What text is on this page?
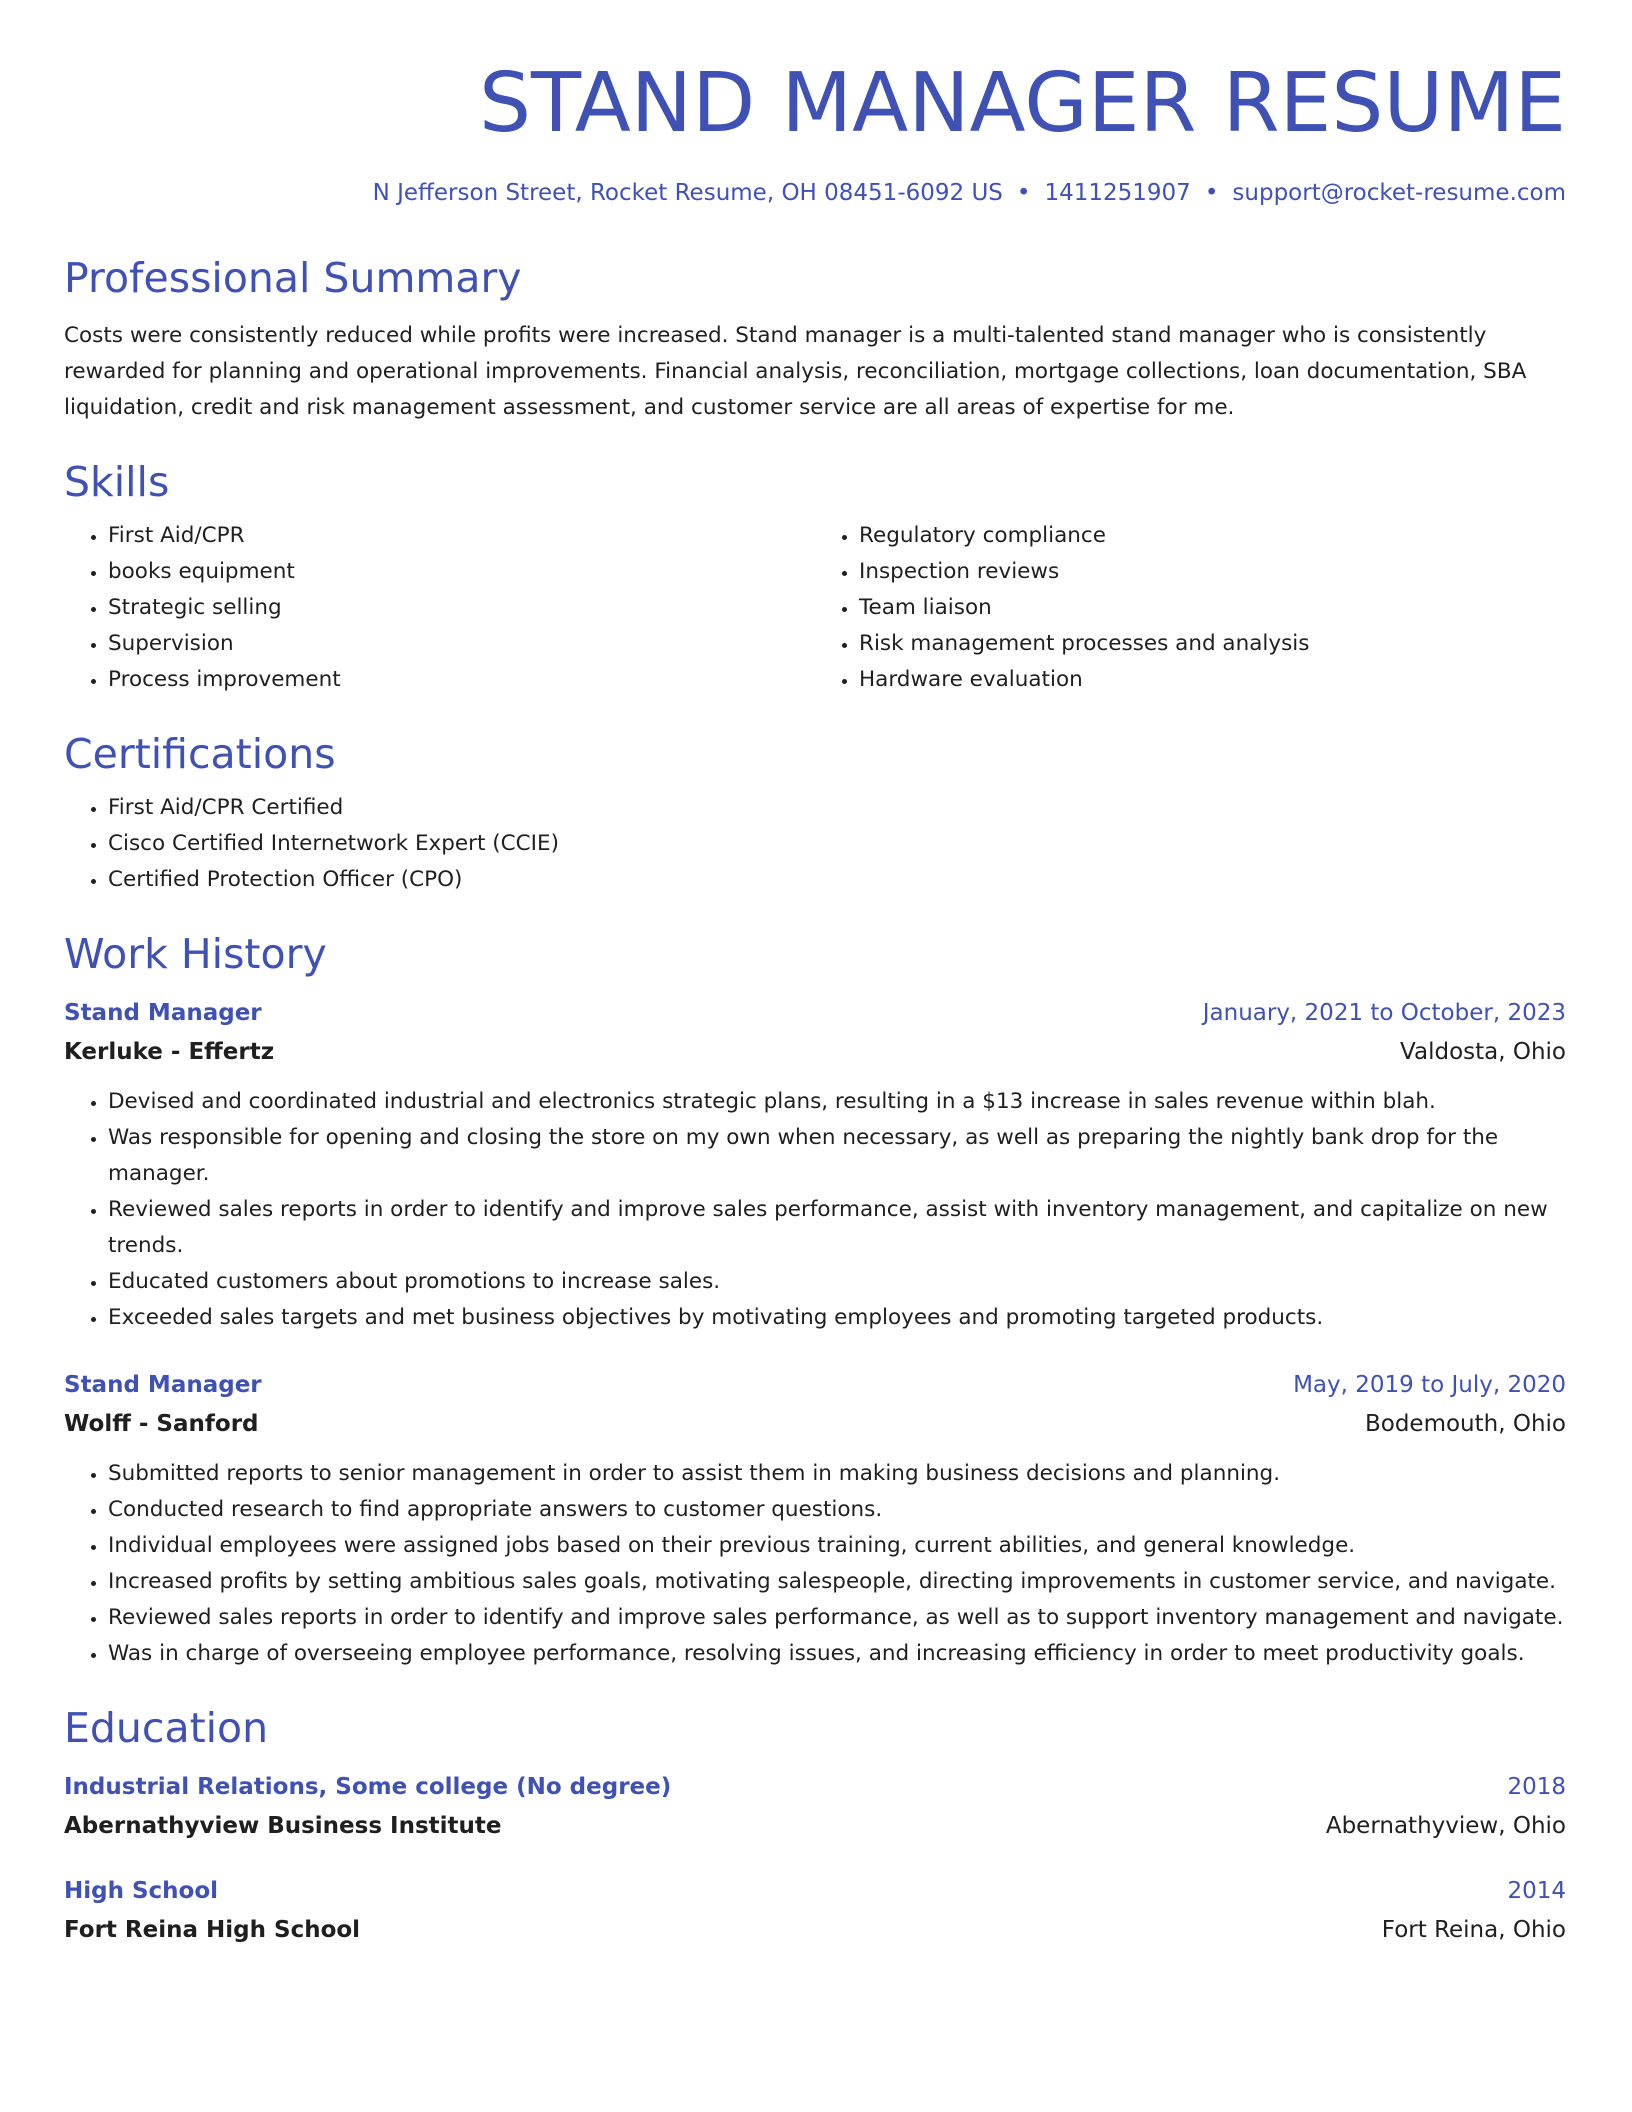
STAND MANAGER RESUME
N Jefferson Street, Rocket Resume, OH 08451-6092 US • 1411251907 • support@rocket-resume.com
Professional Summary

Costs were consistently reduced while profits were increased. Stand manager is a multi-talented stand manager who is consistently rewarded for planning and operational improvements. Financial analysis, reconciliation, mortgage collections, loan documentation, SBA liquidation, credit and risk management assessment, and customer service are all areas of expertise for me.

Skills
• First Aid/CPR
• books equipment
• Strategic selling
• Supervision
• Process improvement
• Regulatory compliance
• Inspection reviews
• Team liaison
• Risk management processes and analysis
• Hardware evaluation
Certifications
• First Aid/CPR Certified
• Cisco Certified Internetwork Expert (CCIE)
• Certified Protection Officer (CPO)
Work History
Stand Manager	January, 2021 to October, 2023
Kerluke - Effertz	Valdosta, Ohio
• Devised and coordinated industrial and electronics strategic plans, resulting in a $13 increase in sales revenue within blah.
• Was responsible for opening and closing the store on my own when necessary, as well as preparing the nightly bank drop for the manager.
• Reviewed sales reports in order to identify and improve sales performance, assist with inventory management, and capitalize on new trends.
• Educated customers about promotions to increase sales.
• Exceeded sales targets and met business objectives by motivating employees and promoting targeted products.
Stand Manager	May, 2019 to July, 2020
Wolff - Sanford	Bodemouth, Ohio
• Submitted reports to senior management in order to assist them in making business decisions and planning.
• Conducted research to find appropriate answers to customer questions.
• Individual employees were assigned jobs based on their previous training, current abilities, and general knowledge.
• Increased profits by setting ambitious sales goals, motivating salespeople, directing improvements in customer service, and navigate.
• Reviewed sales reports in order to identify and improve sales performance, as well as to support inventory management and navigate.
• Was in charge of overseeing employee performance, resolving issues, and increasing efficiency in order to meet productivity goals.
Education
Industrial Relations, Some college (No degree)	2018
Abernathyview Business Institute	Abernathyview, Ohio
High School	2014
Fort Reina High School	Fort Reina, Ohio
